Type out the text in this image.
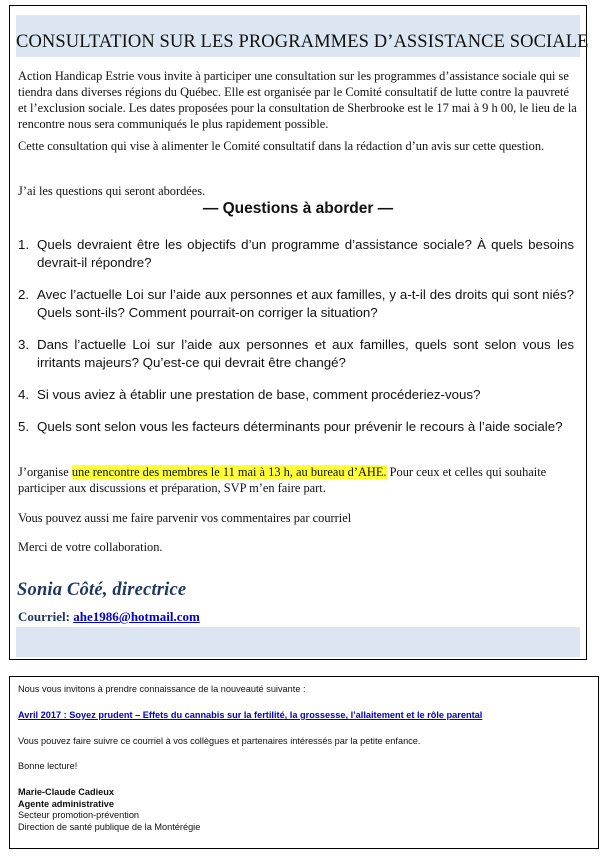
CONSULTATION SUR LES PROGRAMMES D’ASSISTANCE SOCIALE
Action Handicap Estrie vous invite à participer une consultation sur les programmes d’assistance sociale qui se tiendra dans diverses régions du Québec. Elle est organisée par le Comité consultatif de lutte contre la pauvreté et l’exclusion sociale. Les dates proposées pour la consultation de Sherbrooke est le 17 mai à 9 h 00, le lieu de la rencontre nous sera communiqués le plus rapidement possible.
Cette consultation qui vise à alimenter le Comité consultatif dans la rédaction d’un avis sur cette question.
J’ai les questions qui seront abordées.
— Questions à aborder —
1. Quels devraient être les objectifs d’un programme d’assistance sociale? À quels besoins devrait-il répondre?
2. Avec l’actuelle Loi sur l’aide aux personnes et aux familles, y a-t-il des droits qui sont niés? Quels sont-ils? Comment pourrait-on corriger la situation?
3. Dans l’actuelle Loi sur l’aide aux personnes et aux familles, quels sont selon vous les irritants majeurs? Qu’est-ce qui devrait être changé?
4. Si vous aviez à établir une prestation de base, comment procéderiez-vous?
5. Quels sont selon vous les facteurs déterminants pour prévenir le recours à l’aide sociale?
J’organise une rencontre des membres le 11 mai à 13 h, au bureau d’AHE. Pour ceux et celles qui souhaite participer aux discussions et préparation, SVP m’en faire part.
Vous pouvez aussi me faire parvenir vos commentaires par courriel
Merci de votre collaboration.
Sonia Côté, directrice
Courriel: ahe1986@hotmail.com
Nous vous invitons à prendre connaissance de la nouveauté suivante :
Avril 2017 : Soyez prudent – Effets du cannabis sur la fertilité, la grossesse, l’allaitement et le rôle parental
Vous pouvez faire suivre ce courriel à vos collègues et partenaires intéressés par la petite enfance.
Bonne lecture!
Marie-Claude Cadieux
Agente administrative
Secteur promotion-prévention
Direction de santé publique de la Montérégie
